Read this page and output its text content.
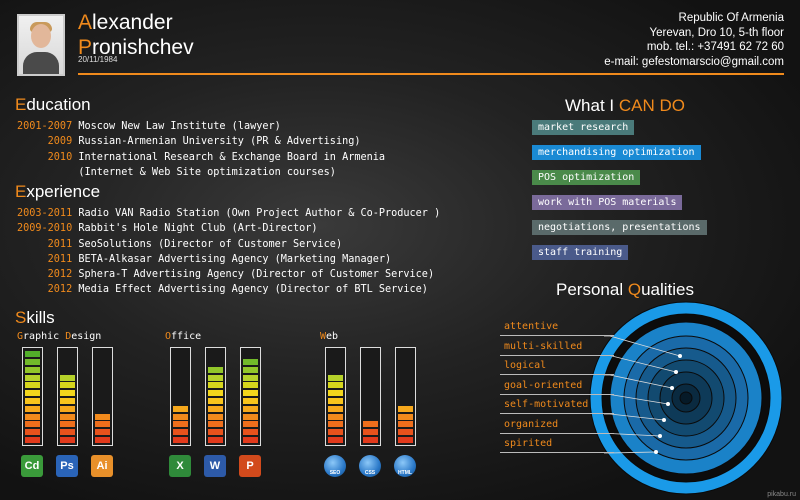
Alexander
Pronishchev
20/11/1984
Republic Of Armenia
Yerevan, Dro 10, 5-th floor
mob. tel.: +37491 62 72 60
e-mail: gefestomarscio@gmail.com
Education
2001-2007 Moscow New Law Institute (lawyer)
2009 Russian-Armenian University (PR & Advertising)
2010 International Research & Exchange Board in Armenia
(Internet & Web Site optimization courses)
Experience
2003-2011 Radio VAN Radio Station (Own Project Author & Co-Producer )
2009-2010 Rabbit's Hole Night Club (Art-Director)
2011 SeoSolutions (Director of Customer Service)
2011 BETA-Alkasar Advertising Agency (Marketing Manager)
2012 Sphera-T Advertising Agency (Director of Customer Service)
2012 Media Effect Advertising Agency (Director of BTL Service)
Skills
Graphic Design
Cd	Ps	Ai
Office
X	W	P
Web
SEO	CSS	HTML
What I CAN DO
market research
merchandising optimization
POS optimization
work with POS materials
negotiations, presentations
staff training
Personal Qualities
attentive
multi-skilled
logical
goal-oriented
self-motivated
organized
spirited
pikabu.ru
